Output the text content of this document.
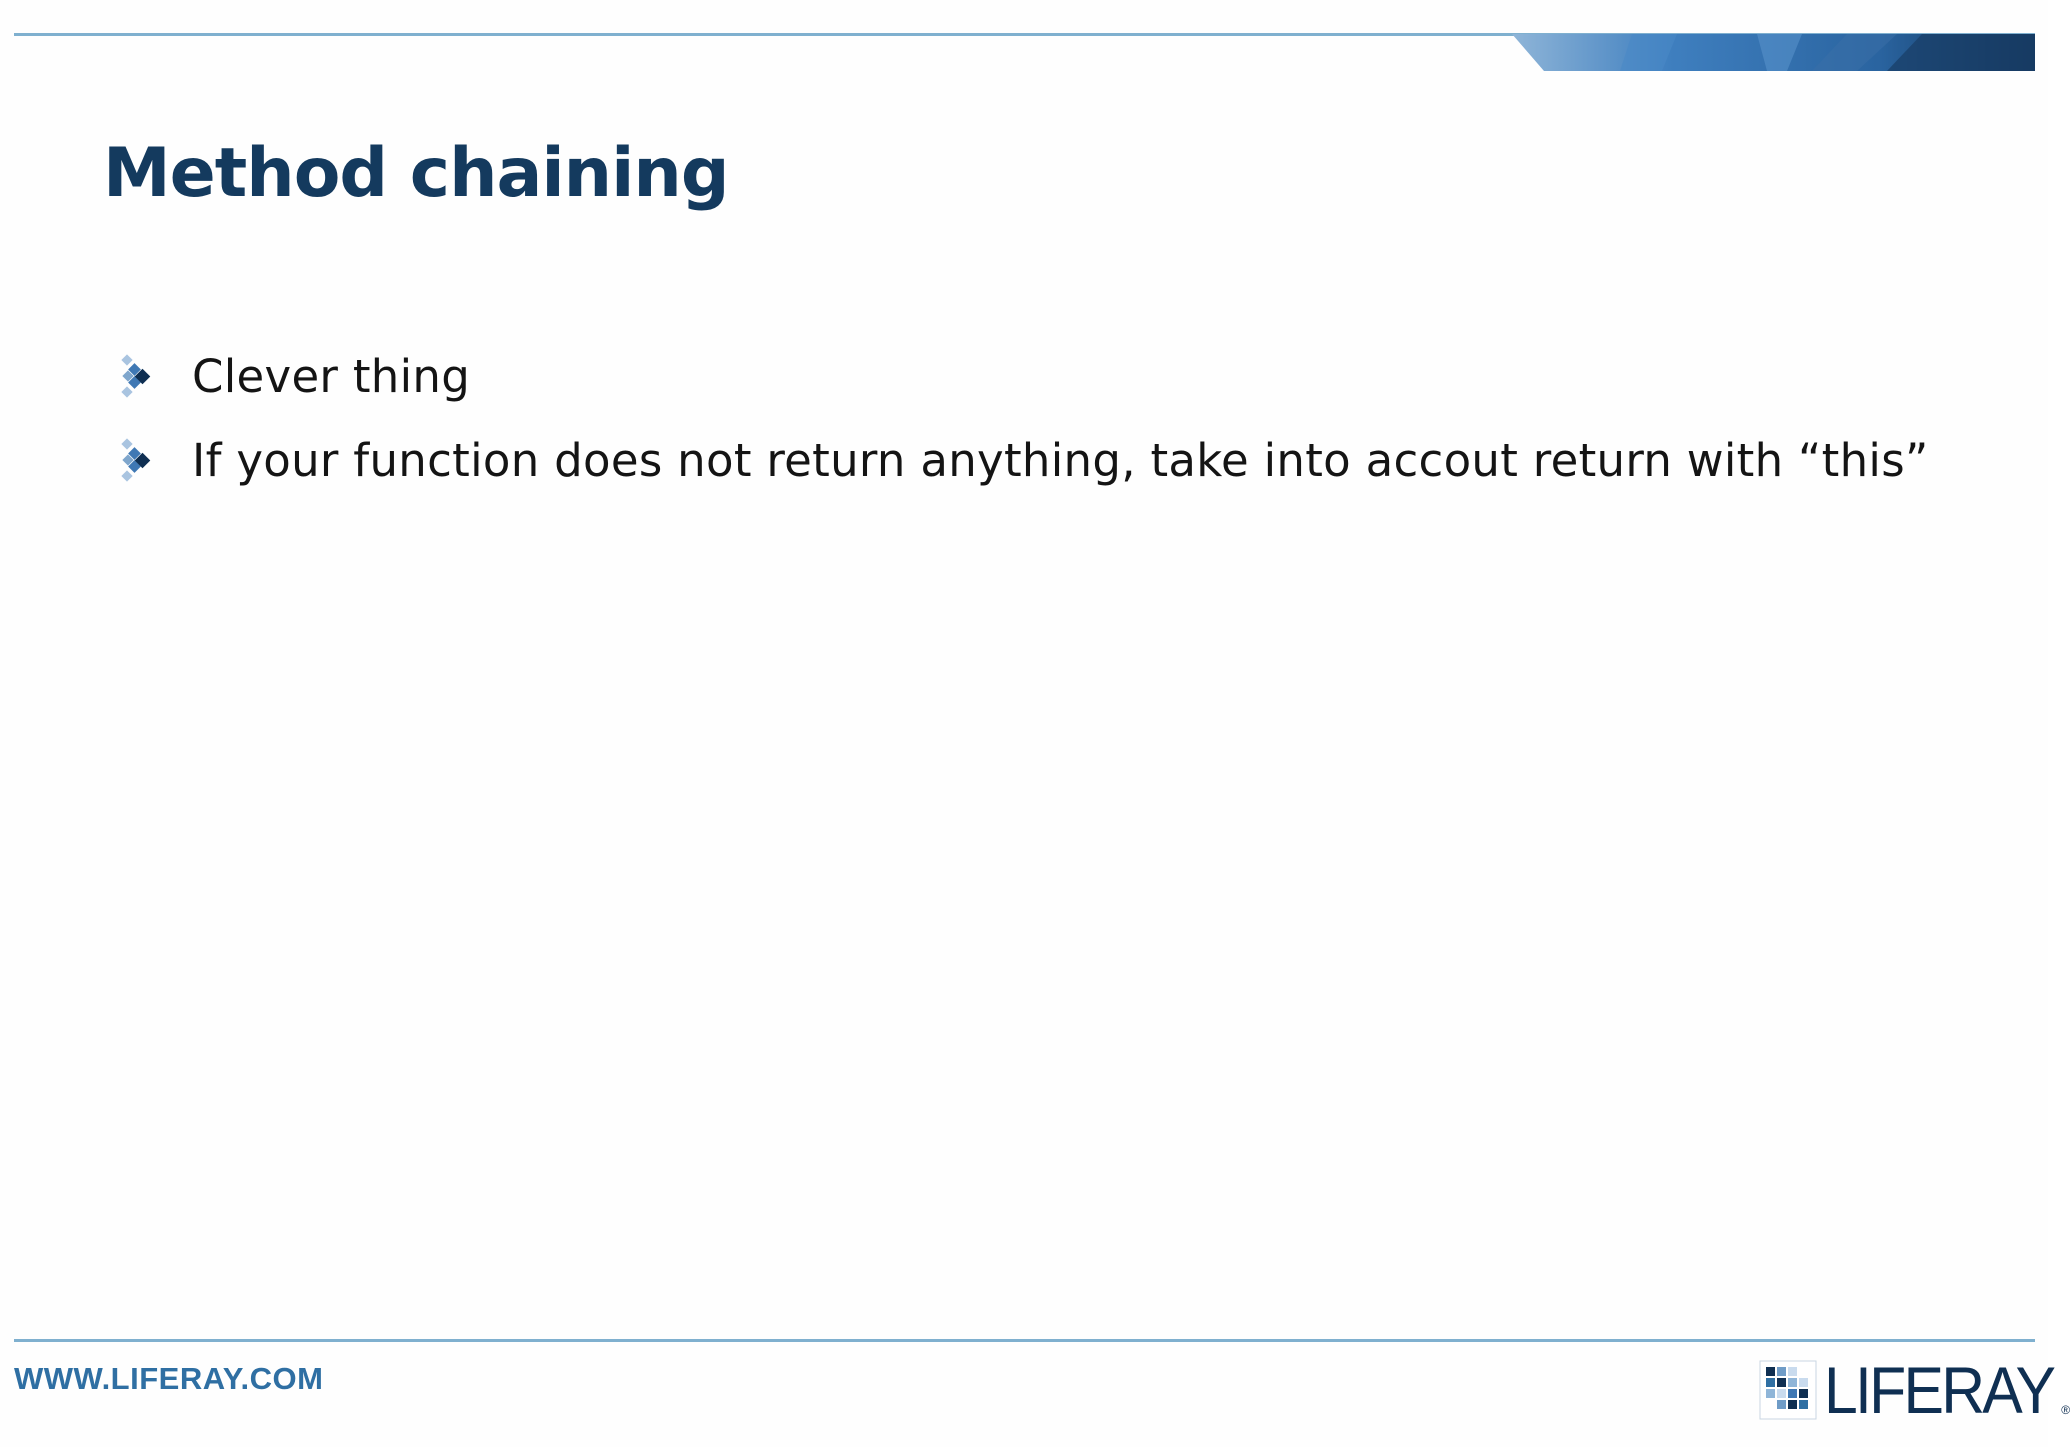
Method chaining
Clever thing
If your function does not return anything, take into accout return with “this”
WWW.LIFERAY.COM	LIFERAY ®
